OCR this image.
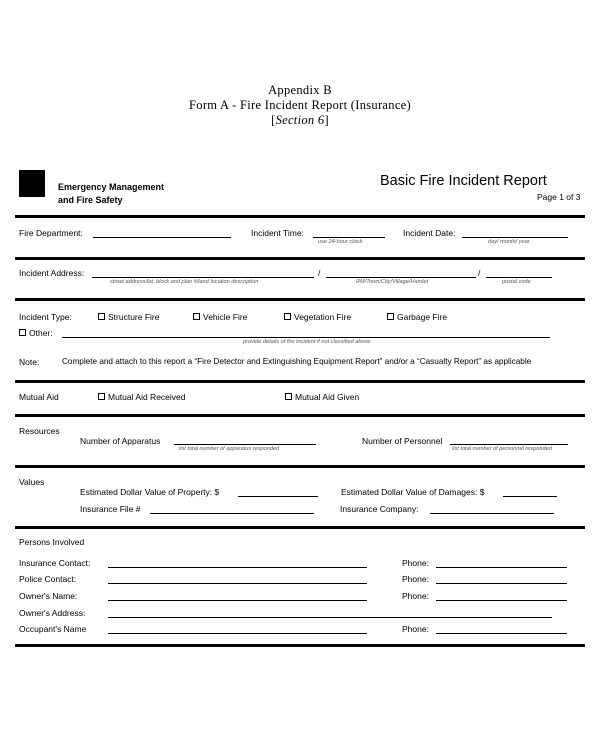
Appendix B
Form A - Fire Incident Report (Insurance)
[Section 6]
Emergency Management
and Fire Safety
Basic Fire Incident Report
Page 1 of 3
Fire Department:	Incident Time:
use 24-hour clock
Incident Date:
day/ month/ year
Incident Address:
street address/lot, block and plan #/land location description
/
RM/Town/City/Village/Hamlet
/
postal code
Incident Type:	Structure Fire	Vehicle Fire	Vegetation Fire	Garbage Fire
Other:
provide details of fire incident if not classified above
Note:	Complete and attach to this report a “Fire Detector and Extinguishing Equipment Report” and/or a “Casualty Report” as applicable
Mutual Aid	Mutual Aid Received	Mutual Aid Given
Resources
Number of Apparatus
list total number of apparatus responded
Number of Personnel
list total number of personnel responded
Values
Estimated Dollar Value of Property: $	Estimated Dollar Value of Damages: $
Insurance File #	Insurance Company:
Persons Involved
Insurance Contact:	Phone:
Police Contact:	Phone:
Owner's Name:	Phone:
Owner's Address:
Occupant's Name	Phone:
